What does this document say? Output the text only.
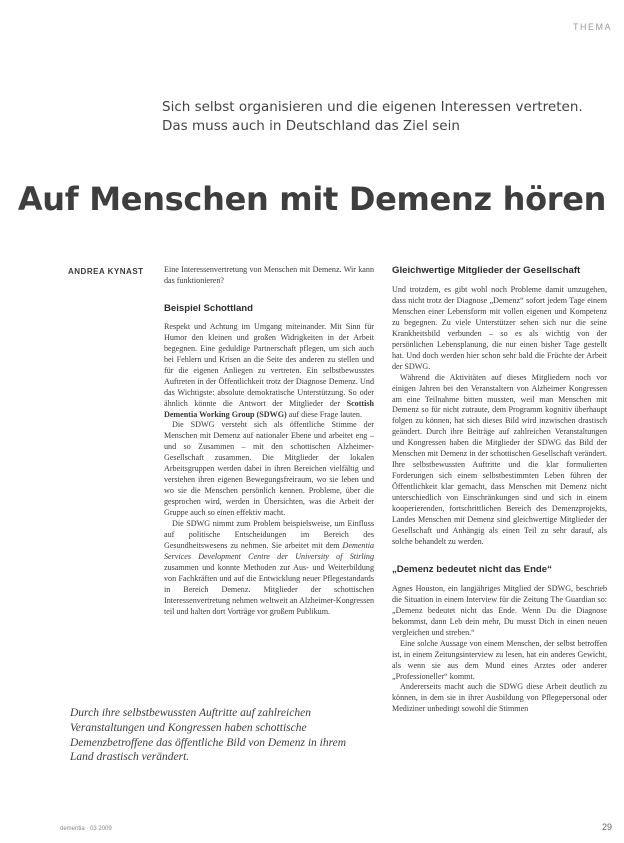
THEMA
Sich selbst organisieren und die eigenen Interessen vertreten. Das muss auch in Deutschland das Ziel sein
Auf Menschen mit Demenz hören
ANDREA KYNAST	Eine Interessenvertretung von Menschen mit Demenz. Wir kann das funktionieren?

Beispiel Schottland

Respekt und Achtung im Umgang miteinander. Mit Sinn für Humor den kleinen und großen Widrigkeiten in der Arbeit begegnen. Eine geduldige Partnerschaft pflegen, um sich auch bei Fehlern und Krisen an die Seite des anderen zu stellen und für die eigenen Anliegen zu vertreten. Ein selbstbewusstes Auftreten in der Öffentlichkeit trotz der Diagnose Demenz. Und das Wichtigste: absolute demokratische Unterstützung. So oder ähnlich könnte die Antwort der Mitglieder der Scottish Dementia Working Group (SDWG) auf diese Frage lauten.

Die SDWG versteht sich als öffentliche Stimme der Menschen mit Demenz auf nationaler Ebene und arbeitet eng – und so Zusammen – mit den schottischen Alzheimer-Gesellschaft zusammen. Die Mitglieder der lokalen Arbeitsgruppen werden dabei in ihren Bereichen vielfältig und verstehen ihren eigenen Bewegungsfreiraum, wo sie leben und wo sie die Menschen persönlich kennen. Probleme, über die gesprochen wird, werden in Übersichten, was die Arbeit der Gruppe auch so einen effektiv macht.

Die SDWG nimmt zum Problem beispielsweise, um Einfluss auf politische Entscheidungen im Bereich des Gesundheitswesens zu nehmen. Sie arbeitet mit dem Dementia Services Development Centre der University of Stirling zusammen und konnte Methoden zur Aus- und Weiterbildung von Fachkräften und auf die Entwicklung neuer Pflegestandards in Bereich Demenz. Mitglieder der schottischen Interessenvertretung nehmen weltweit an Alzheimer-Kongressen teil und halten dort Vorträge vor großem Publikum.

Gleichwertige Mitglieder der Gesellschaft

Und trotzdem, es gibt wohl noch Probleme damit umzugehen, dass nicht trotz der Diagnose „Demenz“ sofort jedem Tage einem Menschen einer Lebensform mit vollen eigenen und Kompetenz zu begegnen. Zu viele Unterstützer sehen sich nur die seine Krankheitsbild verbunden – so es als wichtig von der persönlichen Lebensplanung, die nur einen bisher Tage gestellt hat. Und doch werden hier schon sehr bald die Früchte der Arbeit der SDWG.

Während die Aktivitäten auf dieses Mitgliedern noch vor einigen Jahren bei den Veranstaltern von Alzheimer Kongressen am eine Teilnahme bitten mussten, weil man Menschen mit Demenz so für nicht zutraute, dem Programm kognitiv überhaupt folgen zu können, hat sich dieses Bild wird inzwischen drastisch geändert. Durch ihre Beiträge auf zahlreichen Veranstaltungen und Kongressen haben die Mitglieder der SDWG das Bild der Menschen mit Demenz in der schottischen Gesellschaft verändert. Ihre selbstbewussten Auftritte und die klar formulierten Forderungen sich einem selbstbestimmten Leben führen der Öffentlichkeit klar gemacht, dass Menschen mit Demenz nicht unterschiedlich von Einschränkungen sind und sich in einem kooperierenden, fortschrittlichen Bereich des Demenzprojekts, Landes Menschen mit Demenz sind gleichwertige Mitglieder der Gesellschaft und Anhängig als einen Teil zu sehr darauf, als solche behandelt zu werden.

„Demenz bedeutet nicht das Ende“

Agnes Houston, ein langjähriges Mitglied der SDWG, beschrieb die Situation in einem Interview für die Zeitung The Guardian so: „Demenz bedeutet nicht das Ende. Wenn Du die Diagnose bekommst, dann Leb dein mehr, Du musst Dich in einen neuen vergleichen und streben.“

Eine solche Aussage von einem Menschen, der selbst betroffen ist, in einem Zeitungsinterview zu lesen, hat ein anderes Gewicht, als wenn sie aus dem Mund eines Arztes oder anderer „Professioneller“ kommt.

Andererseits macht auch die SDWG diese Arbeit deutlich zu können, in dem sie in ihrer Ausbildung von Pflegepersonal oder Mediziner unbedingt sowohl die Stimmen

Durch ihre selbstbewussten Auftritte auf zahlreichen Veranstaltungen und Kongressen haben schottische Demenzbetroffene das öffentliche Bild von Demenz in ihrem Land drastisch verändert.
dementia · 03 2009	29
